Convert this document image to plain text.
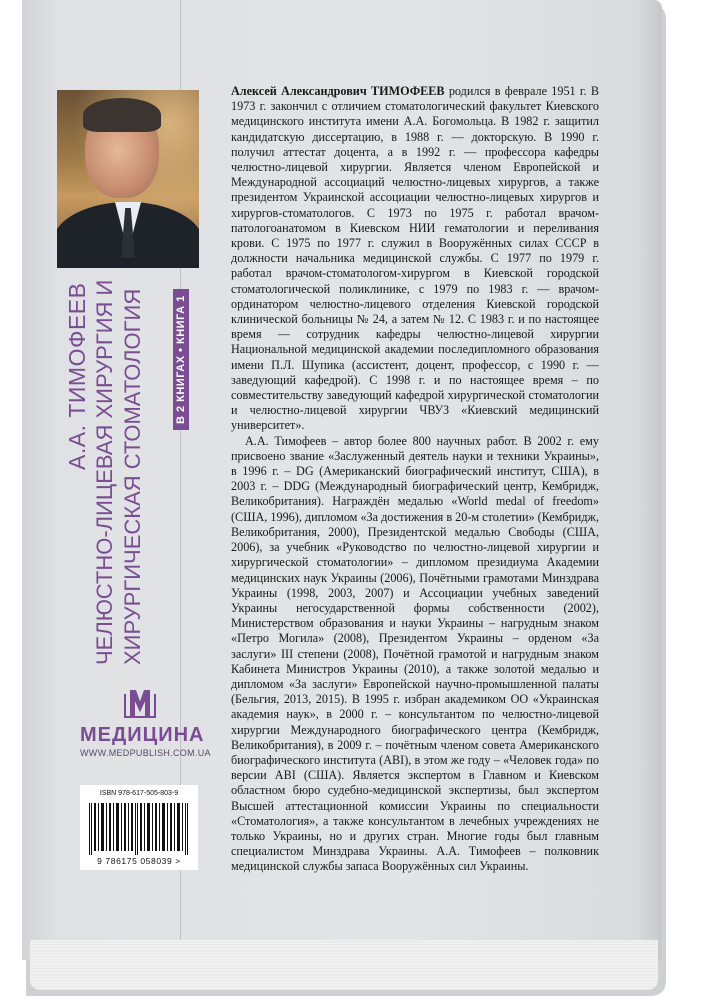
А.А. ТИМОФЕЕВ ЧЕЛЮСТНО-ЛИЦЕВАЯ ХИРУРГИЯ И ХИРУРГИЧЕСКАЯ СТОМАТОЛОГИЯ	В 2 КНИГАХ • КНИГА 1
МЕДИЦИНА
WWW.MEDPUBLISH.COM.UA
ISBN 978-617-505-803-9
9 786175 058039 >

Алексей Александрович ТИМОФЕЕВ родился в феврале 1951 г. В 1973 г. закончил с отличием стоматологический факультет Киевского медицинского института имени А.А. Богомольца. В 1982 г. защитил кандидатскую диссертацию, в 1988 г. — докторскую. В 1990 г. получил аттестат доцента, а в 1992 г. — профессора кафедры челюстно-лицевой хирургии. Является членом Европейской и Международной ассоциаций челюстно-лицевых хирургов, а также президентом Украинской ассоциации челюстно-лицевых хирургов и хирургов-стоматологов. С 1973 по 1975 г. работал врачом-патологоанатомом в Киевском НИИ гематологии и переливания крови. С 1975 по 1977 г. служил в Вооружённых силах СССР в должности начальника медицинской службы. С 1977 по 1979 г. работал врачом-стоматологом-хирургом в Киевской городской стоматологической поликлинике, с 1979 по 1983 г. — врачом-ординатором челюстно-лицевого отделения Киевской городской клинической больницы № 24, а затем № 12. С 1983 г. и по настоящее время — сотрудник кафедры челюстно-лицевой хирургии Национальной медицинской академии последипломного образования имени П.Л. Шупика (ассистент, доцент, профессор, с 1990 г. — заведующий кафедрой). С 1998 г. и по настоящее время – по совместительству заведующий кафедрой хирургической стоматологии и челюстно-лицевой хирургии ЧВУЗ «Киевский медицинский университет».

А.А. Тимофеев – автор более 800 научных работ. В 2002 г. ему присвоено звание «Заслуженный деятель науки и техники Украины», в 1996 г. – DG (Американский биографический институт, США), в 2003 г. – DDG (Международный биографический центр, Кембридж, Великобритания). Награждён медалью «World medal of freedom» (США, 1996), дипломом «За достижения в 20-м столетии» (Кембридж, Великобритания, 2000), Президентской медалью Свободы (США, 2006), за учебник «Руководство по челюстно-лицевой хирургии и хирургической стоматологии» – дипломом президиума Академии медицинских наук Украины (2006), Почётными грамотами Минздрава Украины (1998, 2003, 2007) и Ассоциации учебных заведений Украины негосударственной формы собственности (2002), Министерством образования и науки Украины – нагрудным знаком «Петро Могила» (2008), Президентом Украины – орденом «За заслуги» III степени (2008), Почётной грамотой и нагрудным знаком Кабинета Министров Украины (2010), а также золотой медалью и дипломом «За заслуги» Европейской научно-промышленной палаты (Бельгия, 2013, 2015). В 1995 г. избран академиком ОО «Украинская академия наук», в 2000 г. – консультантом по челюстно-лицевой хирургии Международного биографического центра (Кембридж, Великобритания), в 2009 г. – почётным членом совета Американского биографического института (ABI), в этом же году – «Человек года» по версии ABI (США). Является экспертом в Главном и Киевском областном бюро судебно-медицинской экспертизы, был экспертом Высшей аттестационной комиссии Украины по специальности «Стоматология», а также консультантом в лечебных учреждениях не только Украины, но и других стран. Многие годы был главным специалистом Минздрава Украины. А.А. Тимофеев – полковник медицинской службы запаса Вооружённых сил Украины.
